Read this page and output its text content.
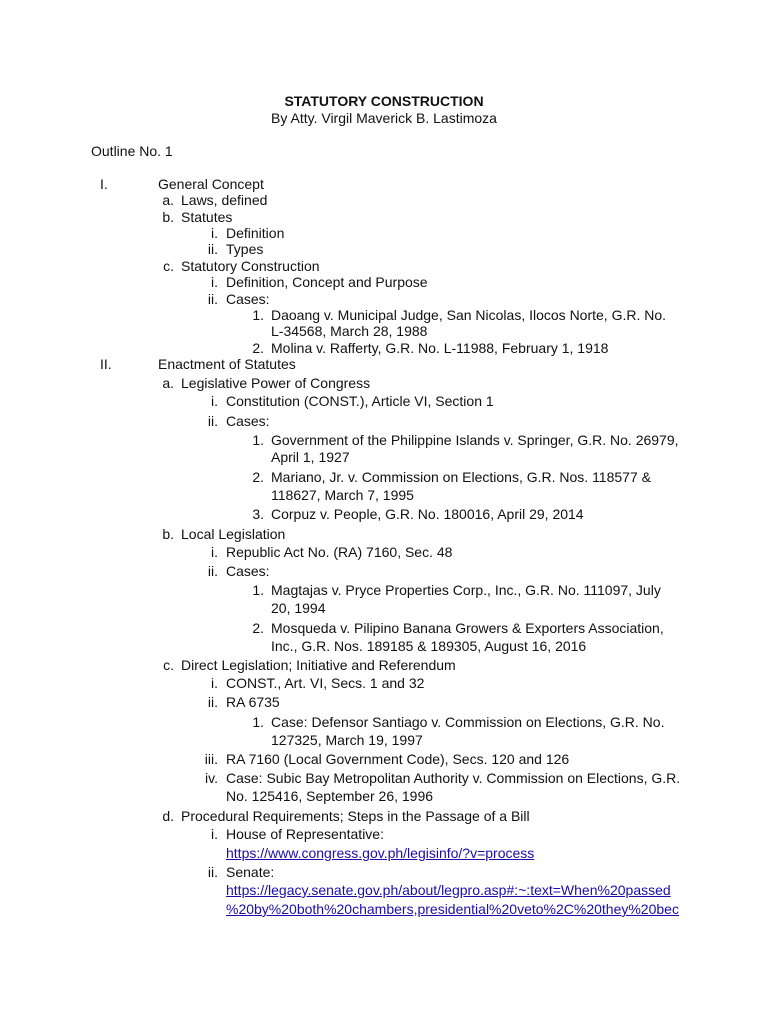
STATUTORY CONSTRUCTION
By Atty. Virgil Maverick B. Lastimoza
Outline No. 1
I.	General Concept
a. Laws, defined
b. Statutes
i. Definition
ii. Types
c. Statutory Construction
i. Definition, Concept and Purpose
ii. Cases:
1. Daoang v. Municipal Judge, San Nicolas, Ilocos Norte, G.R. No.
L-34568, March 28, 1988
2. Molina v. Rafferty, G.R. No. L-11988, February 1, 1918
II.	Enactment of Statutes
a. Legislative Power of Congress
i. Constitution (CONST.), Article VI, Section 1
ii. Cases:
1. Government of the Philippine Islands v. Springer, G.R. No. 26979,
April 1, 1927
2. Mariano, Jr. v. Commission on Elections, G.R. Nos. 118577 &
118627, March 7, 1995
3. Corpuz v. People, G.R. No. 180016, April 29, 2014
b. Local Legislation
i. Republic Act No. (RA) 7160, Sec. 48
ii. Cases:
1. Magtajas v. Pryce Properties Corp., Inc., G.R. No. 111097, July
20, 1994
2. Mosqueda v. Pilipino Banana Growers & Exporters Association,
Inc., G.R. Nos. 189185 & 189305, August 16, 2016
c. Direct Legislation; Initiative and Referendum
i. CONST., Art. VI, Secs. 1 and 32
ii. RA 6735
1. Case: Defensor Santiago v. Commission on Elections, G.R. No.
127325, March 19, 1997
iii. RA 7160 (Local Government Code), Secs. 120 and 126
iv. Case: Subic Bay Metropolitan Authority v. Commission on Elections, G.R.
No. 125416, September 26, 1996
d. Procedural Requirements; Steps in the Passage of a Bill
i. House of Representative:
https://www.congress.gov.ph/legisinfo/?v=process
ii. Senate:
https://legacy.senate.gov.ph/about/legpro.asp#:~:text=When%20passed
%20by%20both%20chambers,presidential%20veto%2C%20they%20bec
